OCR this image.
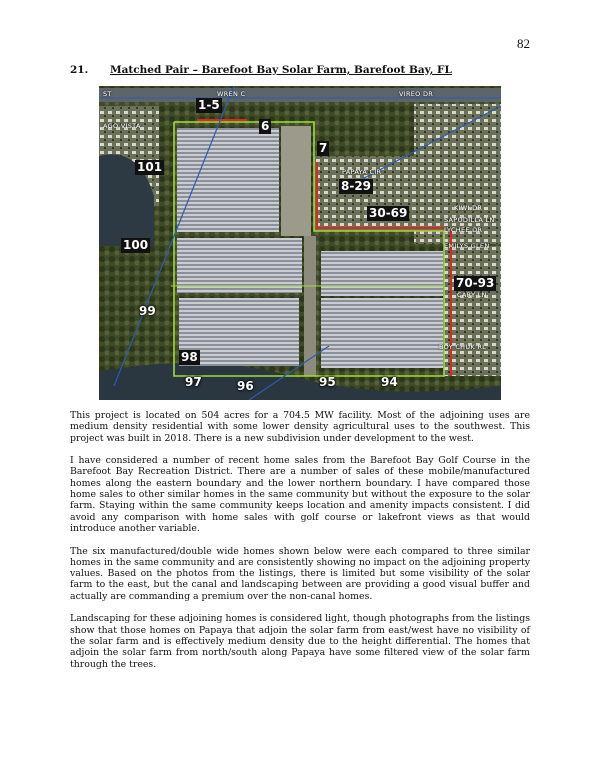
82
21. Matched Pair – Barefoot Bay Solar Farm, Barefoot Bay, FL
1-5
6
7
8-29
30-69
70-93
94
95
96
97
98
99
100
101
WREN C	VIREO DR
PAPAYA CIR
KIWI DR
SAPODILLA LN
LYCHEE DR
EMILYS GLEN
CARY LN
BOY CHUK RL
ST
AGO VISTA

This project is located on 504 acres for a 704.5 MW facility. Most of the adjoining uses are medium density residential with some lower density agricultural uses to the southwest. This project was built in 2018. There is a new subdivision under development to the west.

I have considered a number of recent home sales from the Barefoot Bay Golf Course in the Barefoot Bay Recreation District. There are a number of sales of these mobile/manufactured homes along the eastern boundary and the lower northern boundary. I have compared those home sales to other similar homes in the same community but without the exposure to the solar farm. Staying within the same community keeps location and amenity impacts consistent. I did avoid any comparison with home sales with golf course or lakefront views as that would introduce another variable.

The six manufactured/double wide homes shown below were each compared to three similar homes in the same community and are consistently showing no impact on the adjoining property values. Based on the photos from the listings, there is limited but some visibility of the solar farm to the east, but the canal and landscaping between are providing a good visual buffer and actually are commanding a premium over the non-canal homes.

Landscaping for these adjoining homes is considered light, though photographs from the listings show that those homes on Papaya that adjoin the solar farm from east/west have no visibility of the solar farm and is effectively medium density due to the height differential. The homes that adjoin the solar farm from north/south along Papaya have some filtered view of the solar farm through the trees.
